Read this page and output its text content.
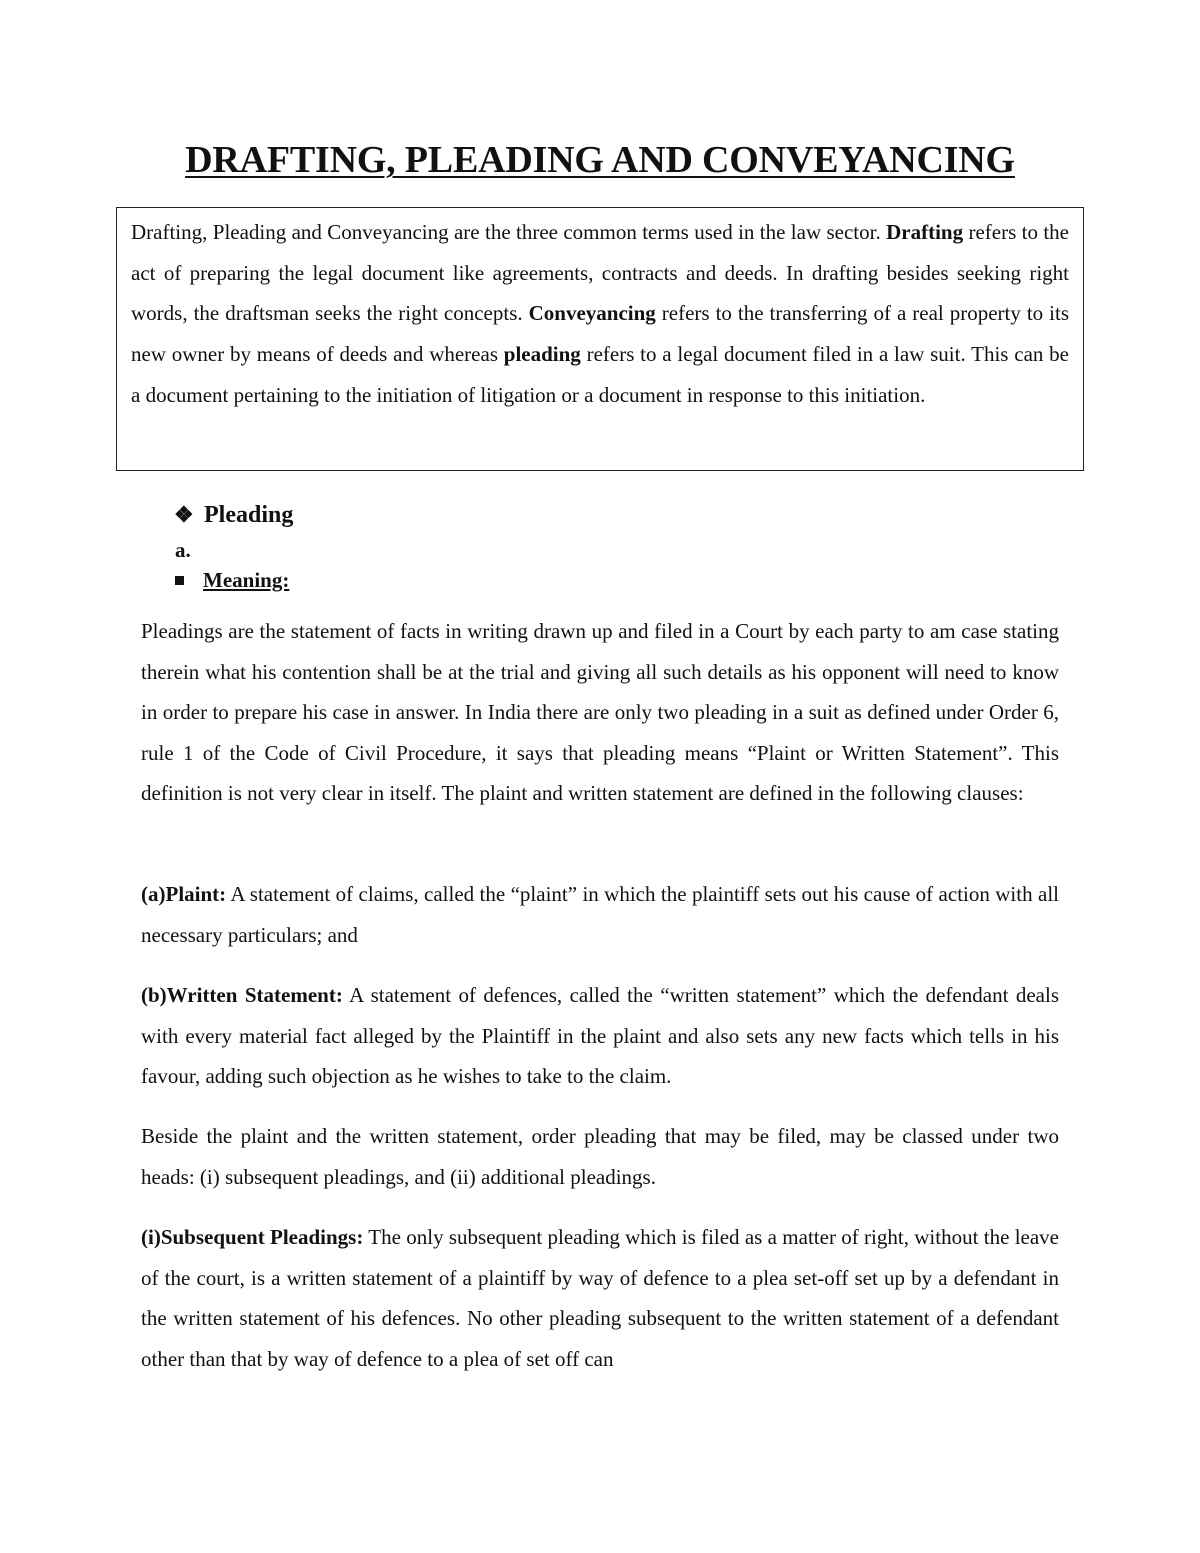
DRAFTING, PLEADING AND CONVEYANCING

Drafting, Pleading and Conveyancing are the three common terms used in the law sector. Drafting refers to the act of preparing the legal document like agreements, contracts and deeds. In drafting besides seeking right words, the draftsman seeks the right concepts. Conveyancing refers to the transferring of a real property to its new owner by means of deeds and whereas pleading refers to a legal document filed in a law suit. This can be a document pertaining to the initiation of litigation or a document in response to this initiation.

❖ Pleading
a.
Meaning:

Pleadings are the statement of facts in writing drawn up and filed in a Court by each party to am case stating therein what his contention shall be at the trial and giving all such details as his opponent will need to know in order to prepare his case in answer. In India there are only two pleading in a suit as defined under Order 6, rule 1 of the Code of Civil Procedure, it says that pleading means “Plaint or Written Statement”. This definition is not very clear in itself. The plaint and written statement are defined in the following clauses:

(a)Plaint: A statement of claims, called the “plaint” in which the plaintiff sets out his cause of action with all necessary particulars; and

(b)Written Statement: A statement of defences, called the “written statement” which the defendant deals with every material fact alleged by the Plaintiff in the plaint and also sets any new facts which tells in his favour, adding such objection as he wishes to take to the claim.

Beside the plaint and the written statement, order pleading that may be filed, may be classed under two heads: (i) subsequent pleadings, and (ii) additional pleadings.

(i)Subsequent Pleadings: The only subsequent pleading which is filed as a matter of right, without the leave of the court, is a written statement of a plaintiff by way of defence to a plea set-off set up by a defendant in the written statement of his defences. No other pleading subsequent to the written statement of a defendant other than that by way of defence to a plea of set off can
